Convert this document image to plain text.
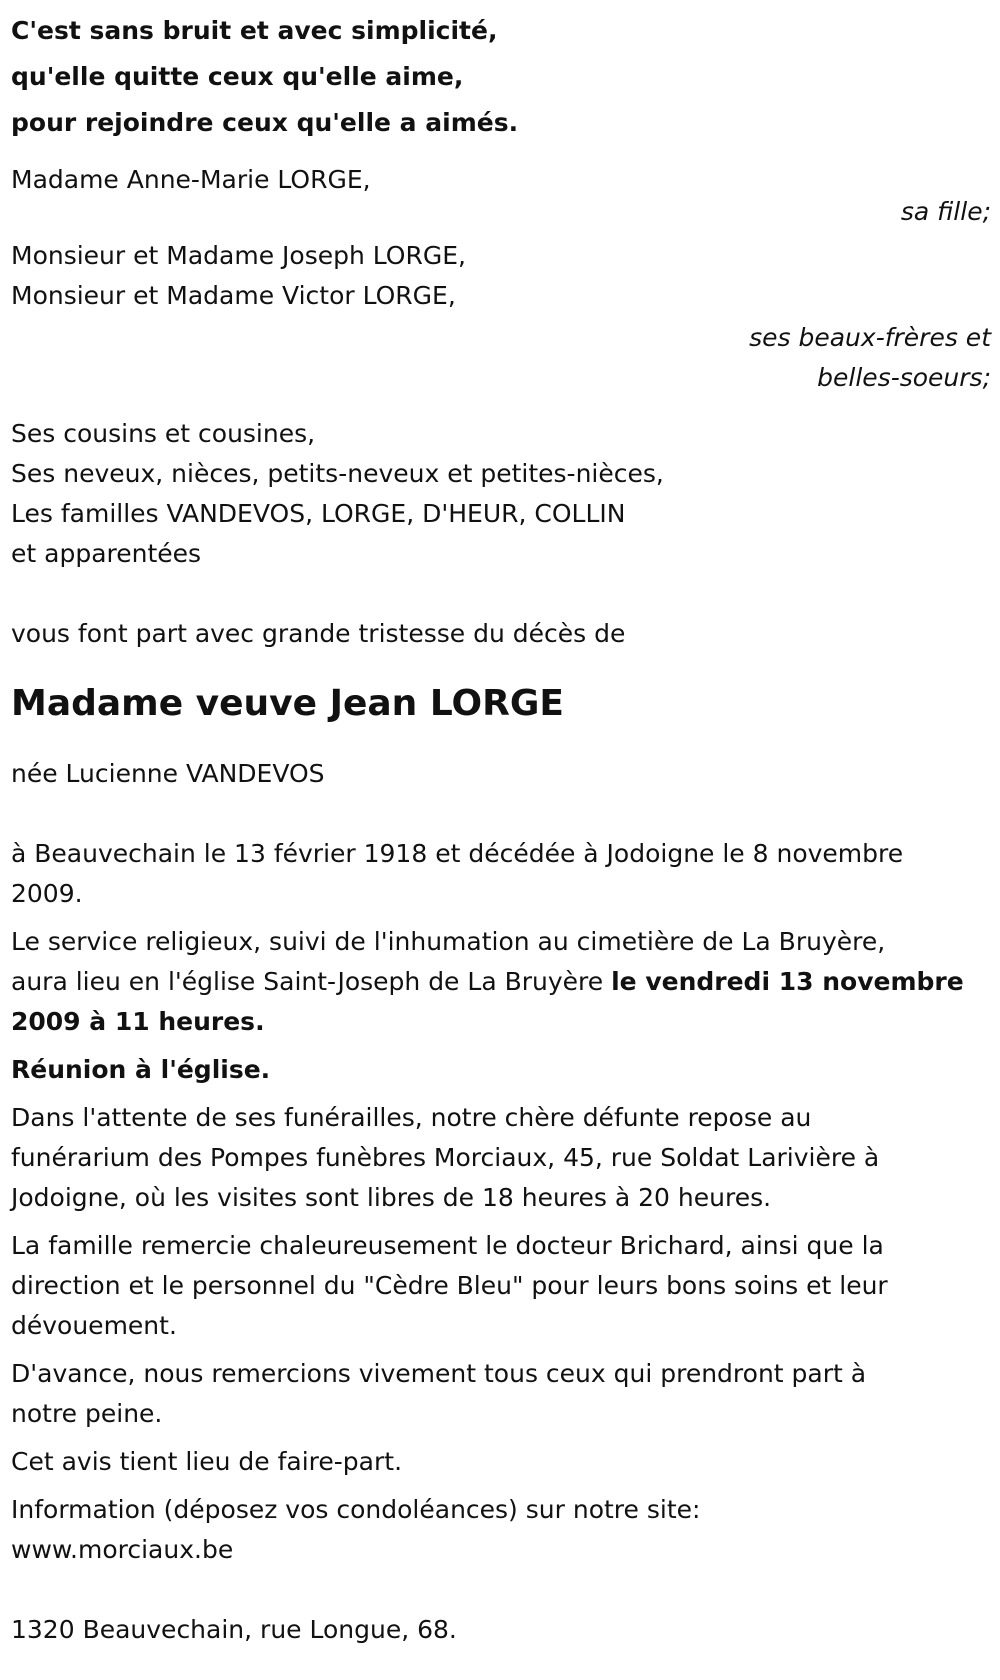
C'est sans bruit et avec simplicité,
qu'elle quitte ceux qu'elle aime,
pour rejoindre ceux qu'elle a aimés.
Madame Anne-Marie LORGE,
sa fille;
Monsieur et Madame Joseph LORGE,
Monsieur et Madame Victor LORGE,
ses beaux-frères et
belles-soeurs;
Ses cousins et cousines,
Ses neveux, nièces, petits-neveux et petites-nièces,
Les familles VANDEVOS, LORGE, D'HEUR, COLLIN
et apparentées
vous font part avec grande tristesse du décès de
Madame veuve Jean LORGE
née Lucienne VANDEVOS
à Beauvechain le 13 février 1918 et décédée à Jodoigne le 8 novembre
2009.
Le service religieux, suivi de l'inhumation au cimetière de La Bruyère,
aura lieu en l'église Saint-Joseph de La Bruyère le vendredi 13 novembre
2009 à 11 heures.
Réunion à l'église.
Dans l'attente de ses funérailles, notre chère défunte repose au
funérarium des Pompes funèbres Morciaux, 45, rue Soldat Larivière à
Jodoigne, où les visites sont libres de 18 heures à 20 heures.
La famille remercie chaleureusement le docteur Brichard, ainsi que la
direction et le personnel du "Cèdre Bleu" pour leurs bons soins et leur
dévouement.
D'avance, nous remercions vivement tous ceux qui prendront part à
notre peine.
Cet avis tient lieu de faire-part.
Information (déposez vos condoléances) sur notre site:
www.morciaux.be
1320 Beauvechain, rue Longue, 68.
